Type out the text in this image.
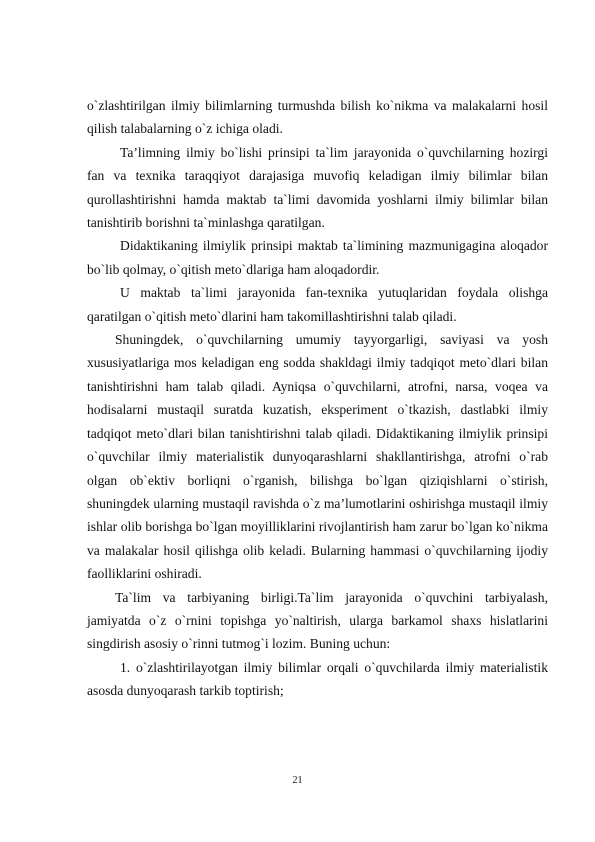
o`zlashtirilgan ilmiy bilimlarning turmushda bilish ko`nikma va malakalarni hosil qilish talabalarning o`z ichiga oladi.

Ta’limning ilmiy bo`lishi prinsipi ta`lim jarayonida o`quvchilarning hozirgi fan va texnika taraqqiyot darajasiga muvofiq keladigan ilmiy bilimlar bilan qurollashtirishni hamda maktab ta`limi davomida yoshlarni ilmiy bilimlar bilan tanishtirib borishni ta`minlashga qaratilgan.

Didaktikaning ilmiylik prinsipi maktab ta`limining mazmunigagina aloqador bo`lib qolmay, o`qitish meto`dlariga ham aloqadordir.

U maktab ta`limi jarayonida fan-texnika yutuqlaridan foydala olishga qaratilgan o`qitish meto`dlarini ham takomillashtirishni talab qiladi.

Shuningdek, o`quvchilarning umumiy tayyorgarligi, saviyasi va yosh xususiyatlariga mos keladigan eng sodda shakldagi ilmiy tadqiqot meto`dlari bilan tanishtirishni ham talab qiladi. Ayniqsa o`quvchilarni, atrofni, narsa, voqea va hodisalarni mustaqil suratda kuzatish, eksperiment o`tkazish, dastlabki ilmiy tadqiqot meto`dlari bilan tanishtirishni talab qiladi. Didaktikaning ilmiylik prinsipi o`quvchilar ilmiy materialistik dunyoqarashlarni shakllantirishga, atrofni o`rab olgan ob`ektiv borliqni o`rganish, bilishga bo`lgan qiziqishlarni o`stirish, shuningdek ularning mustaqil ravishda o`z ma’lumotlarini oshirishga mustaqil ilmiy ishlar olib borishga bo`lgan moyilliklarini rivojlantirish ham zarur bo`lgan ko`nikma va malakalar hosil qilishga olib keladi. Bularning hammasi o`quvchilarning ijodiy faolliklarini oshiradi.

Ta`lim va tarbiyaning birligi.Ta`lim jarayonida o`quvchini tarbiyalash, jamiyatda o`z o`rnini topishga yo`naltirish, ularga barkamol shaxs hislatlarini singdirish asosiy o`rinni tutmog`i lozim. Buning uchun:

1. o`zlashtirilayotgan ilmiy bilimlar orqali o`quvchilarda ilmiy materialistik asosda dunyoqarash tarkib toptirish;

21
